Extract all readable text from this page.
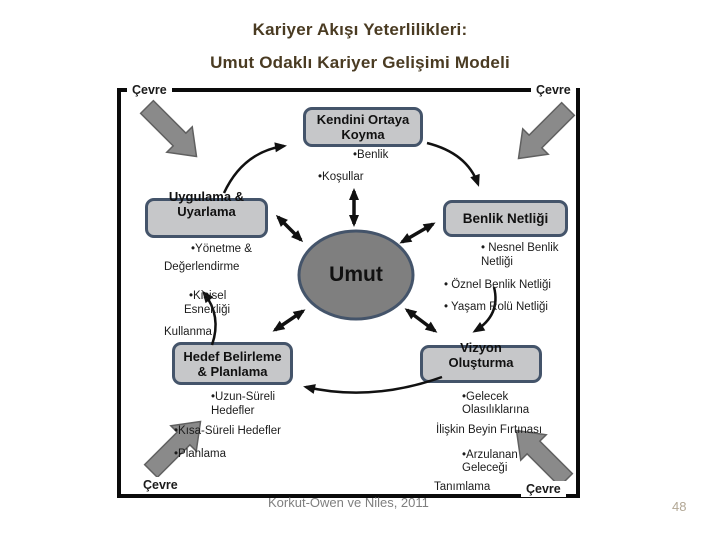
Kariyer Akışı Yeterlilikleri:
Umut Odaklı Kariyer Gelişimi Modeli
Çevre	Çevre
Çevre	Çevre
Kendini Ortaya
Koyma
Uygulama &
Uyarlama	Benlik Netliği
Hedef Belirleme
& Planlama
Vizyon
Oluşturma
Umut
•Benlik
•Koşullar
•Yönetme &
Değerlendirme
•Kişisel
Esnekliği
Kullanma
• Nesnel Benlik
Netliği
• Öznel Benlik Netliği
• Yaşam Rolü Netliği
•Uzun-Süreli
Hedefler
•Kısa-Süreli Hedefler
•Planlama
•Gelecek
Olasılıklarına
İlişkin Beyin Fırtınası
•Arzulanan
Geleceği
Tanımlama
Korkut-Owen ve Niles, 2011	48
